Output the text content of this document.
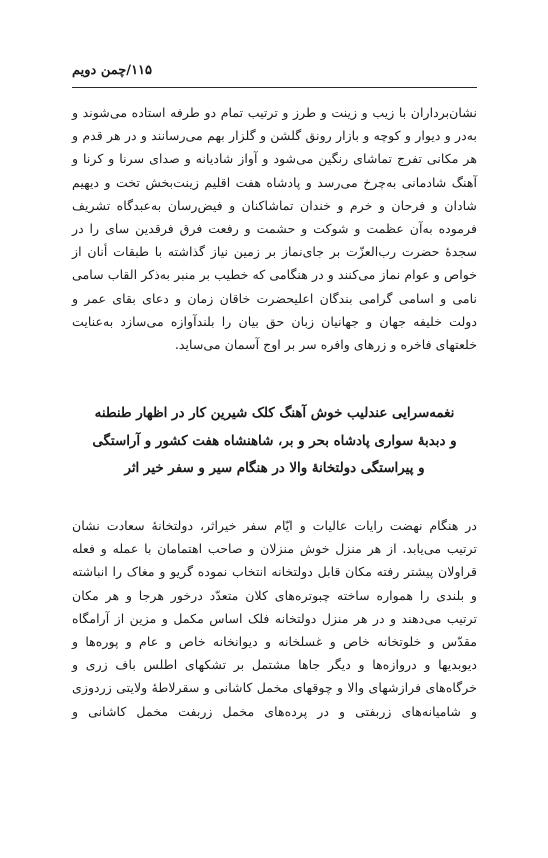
۱۱۵/چمن دویم

نشان‌برداران با زیب و زینت و طرز و ترتیب تمام دو طرفه استاده می‌شوند و به‌در و دیوار و کوچه و بازار رونق گلشن و گلزار بهم می‌رسانند و در هر قدم و هر مکانی تفرج تماشای رنگین می‌شود و آواز شادیانه و صدای سرنا و کرنا و آهنگ شادمانی به‌چرخ می‌رسد و پادشاه هفت اقلیم زینت‌بخش تخت و دیهیم شادان و فرحان و خرم و خندان تماشاکنان و فیض‌رسان به‌عبدگاه تشریف فرموده به‌آن عظمت و شوکت و حشمت و رفعت فرق فرقدین سای را در سجدهٔ حضرت رب‌العزّت بر جای‌نماز بر زمین نیاز گذاشته با طبقات أنان از خواص و عوام نماز می‌کنند و در هنگامی که خطیب بر منبر به‌ذکر القاب سامی نامی و اسامی گرامی بندگان اعلیحضرت خاقان زمان و دعای بقای عمر و دولت خلیفه جهان و جهانیان زبان حق بیان را بلندآوازه می‌سازد به‌عنایت خلعتهای فاخره و زرهای وافره سر بر اوج آسمان می‌ساید.

نغمه‌سرایی عندلیب خوش آهنگ کلک شیرین کار در اظهار طنطنه
و دبدبهٔ سواری پادشاه بحر و بر، شاهنشاه هفت کشور و آراستگی
و پیراستگی دولتخانهٔ والا در هنگام سیر و سفر خیر اثر

در هنگام نهضت رایات عالیات و ایّام سفر خیراثر، دولتخانهٔ سعادت نشان ترتیب می‌یابد. از هر منزل خوش منزلان و صاحب اهتمامان با عمله و فعله قراولان پیشتر رفته مکان قابل دولتخانه انتخاب نموده گریو و مغاک را انباشته و بلندی را همواره ساخته چبوتره‌های کلان متعدّد درخور هرجا و هر مکان ترتیب می‌دهند و در هر منزل دولتخانه فلک اساس مکمل و مزین از آرامگاه مقدّس و خلوتخانه خاص و غسلخانه و دیوانخانه خاص و عام و پوره‌ها و دیوبدیها و دروازه‌ها و دیگر جاها مشتمل بر تشکهای اطلس باف زری و خرگاه‌های فرازشهای والا و چوقهای مخمل کاشانی و سقرلاطهٔ ولایتی زردوزی و شامیانه‌های زربفتی و در پرده‌های مخمل زربفت مخمل کاشانی و
